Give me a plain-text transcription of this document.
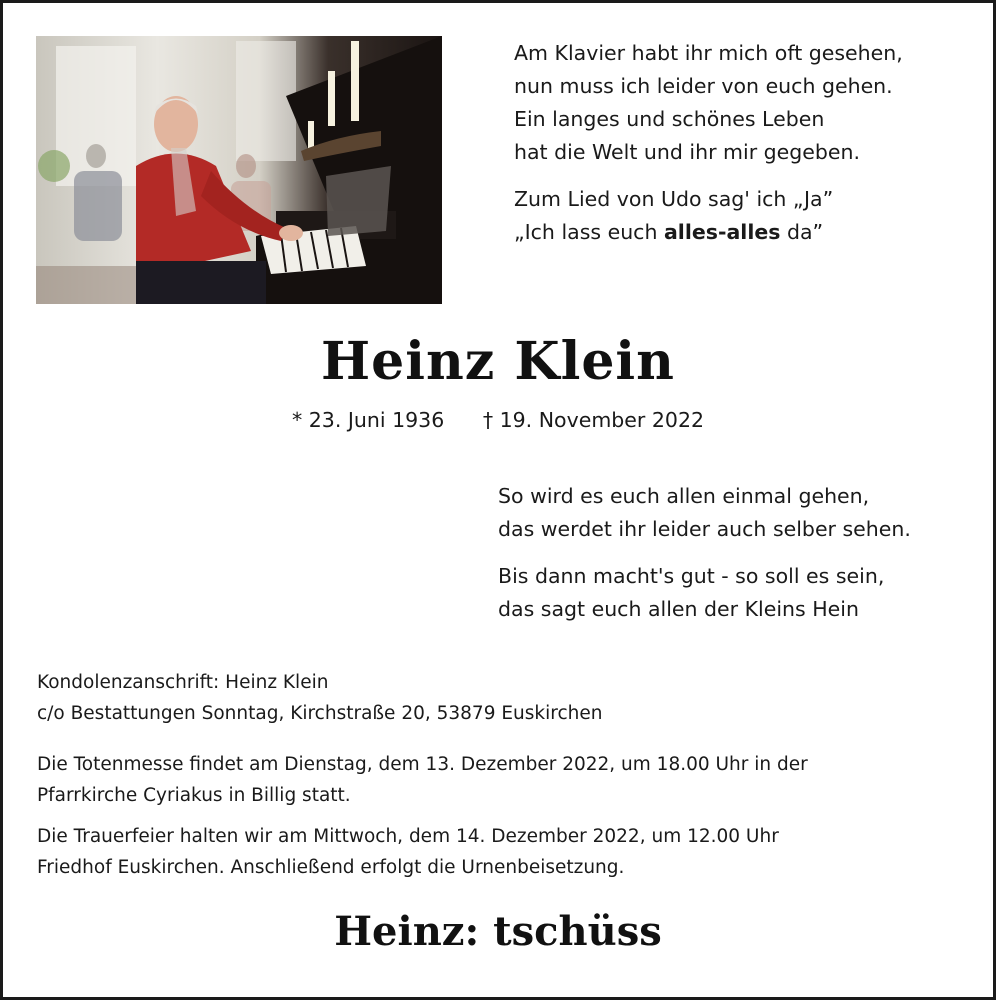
Am Klavier habt ihr mich oft gesehen,

nun muss ich leider von euch gehen.

Ein langes und schönes Leben

hat die Welt und ihr mir gegeben.

Zum Lied von Udo sag' ich „Ja”

„Ich lass euch alles-alles da”

Heinz Klein
* 23. Juni 1936 † 19. November 2022

So wird es euch allen einmal gehen,

das werdet ihr leider auch selber sehen.

Bis dann macht's gut - so soll es sein,

das sagt euch allen der Kleins Hein

Kondolenzanschrift: Heinz Klein

c/o Bestattungen Sonntag, Kirchstraße 20, 53879 Euskirchen

Die Totenmesse findet am Dienstag, dem 13. Dezember 2022, um 18.00 Uhr in der

Pfarrkirche Cyriakus in Billig statt.

Die Trauerfeier halten wir am Mittwoch, dem 14. Dezember 2022, um 12.00 Uhr

Friedhof Euskirchen. Anschließend erfolgt die Urnenbeisetzung.

Heinz: tschüss
